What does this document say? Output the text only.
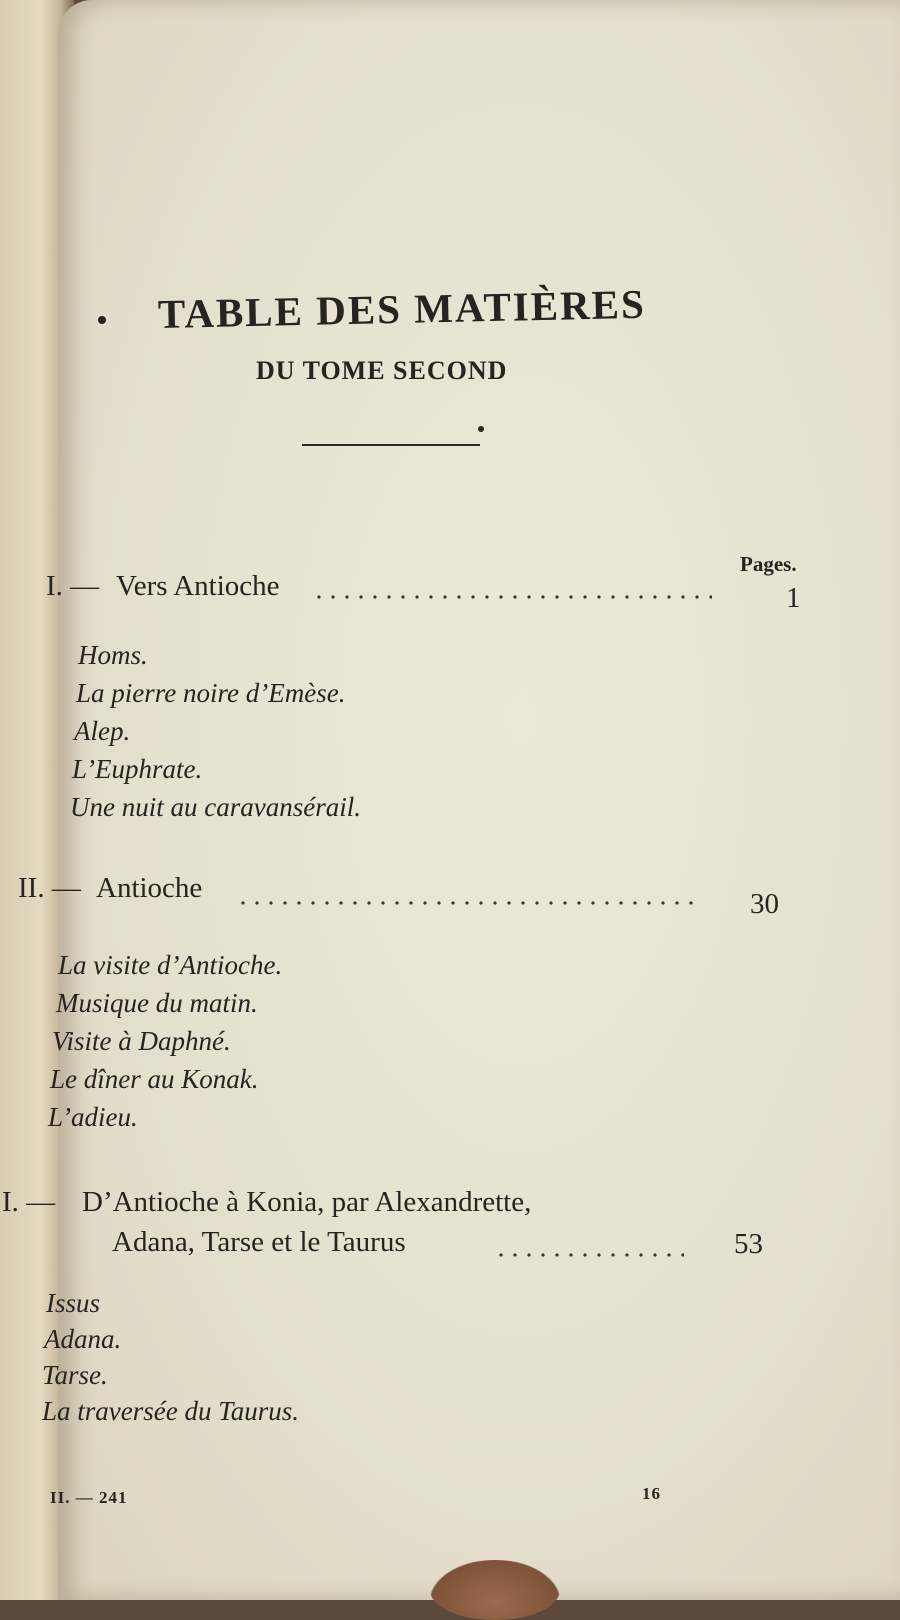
TABLE DES MATIÈRES
DU TOME SECOND
Pages.
I. — Vers Antioche	1
Homs.
La pierre noire d’Emèse.
Alep.
L’Euphrate.
Une nuit au caravansérail.
II. — Antioche	30
La visite d’Antioche.
Musique du matin.
Visite à Daphné.
Le dîner au Konak.
L’adieu.
I. — D’Antioche à Konia, par Alexandrette,
Adana, Tarse et le Taurus	53
Issus
Adana.
Tarse.
La traversée du Taurus.
II. — 241	16
